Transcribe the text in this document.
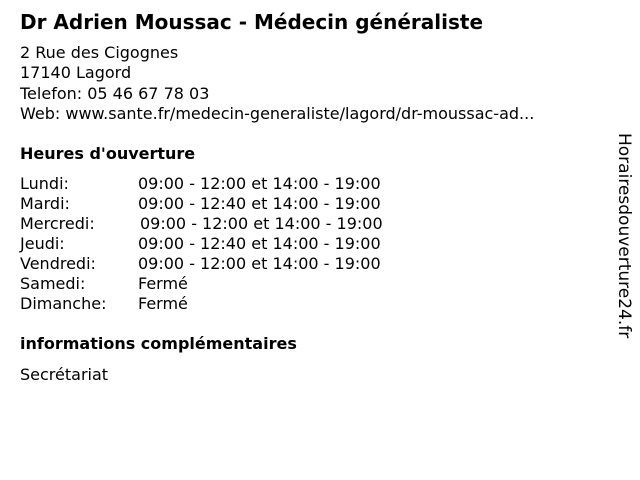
Dr Adrien Moussac - Médecin généraliste
2 Rue des Cigognes
17140 Lagord
Telefon: 05 46 67 78 03
Web: www.sante.fr/medecin-generaliste/lagord/dr-moussac-ad...
Heures d'ouverture
Lundi:	09:00 - 12:00 et 14:00 - 19:00
Mardi:	09:00 - 12:40 et 14:00 - 19:00
Mercredi:	09:00 - 12:00 et 14:00 - 19:00
Jeudi:	09:00 - 12:40 et 14:00 - 19:00
Vendredi:	09:00 - 12:00 et 14:00 - 19:00
Samedi:	Fermé
Dimanche: Fermé
informations complémentaires
Secrétariat
Horairesdouverture24.fr
